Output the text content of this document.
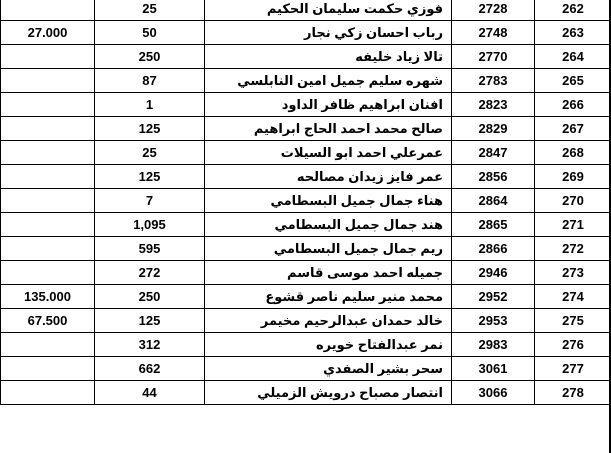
	25	فوزي حكمت سليمان الحكيم	2728	262
27.000	50	رباب احسان زكي نجار	2748	263
	250	تالا زياد خليفه	2770	264
	87	شهره سليم جميل امين النابلسي	2783	265
	1	افنان ابراهيم ظافر الداود	2823	266
	125	صالح محمد احمد الحاج ابراهيم	2829	267
	25	عمرعلي احمد ابو السيلات	2847	268
	125	عمر فايز زيدان مصالحه	2856	269
	7	هناء جمال جميل البسطامي	2864	270
	1,095	هند جمال جميل البسطامي	2865	271
	595	ريم جمال جميل البسطامي	2866	272
	272	جميله احمد موسى قاسم	2946	273
135.000	250	محمد منير سليم ناصر قشوع	2952	274
67.500	125	خالد حمدان عبدالرحيم مخيمر	2953	275
	312	نمر عبدالفتاح خويره	2983	276
	662	سحر بشير الصفدي	3061	277
	44	انتصار مصباح درويش الزميلي	3066	278
